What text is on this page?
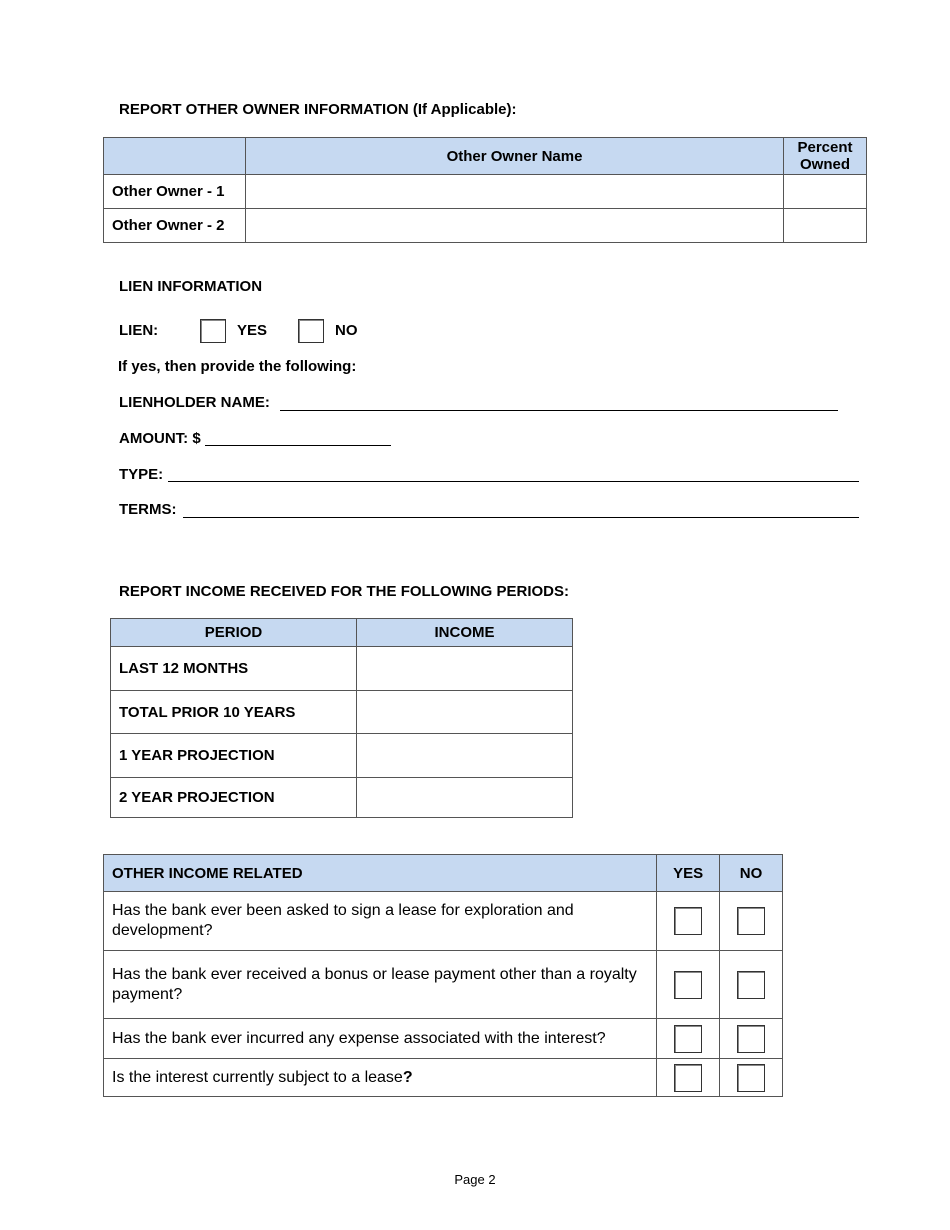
REPORT OTHER OWNER INFORMATION (If Applicable):
	Other Owner Name	Percent
Owned

Other Owner - 1		
Other Owner - 2		
LIEN INFORMATION
LIEN:	YES	NO
If yes, then provide the following:
LIENHOLDER NAME:
AMOUNT: $
TYPE:
TERMS:
REPORT INCOME RECEIVED FOR THE FOLLOWING PERIODS:
PERIOD	INCOME
LAST 12 MONTHS	
TOTAL PRIOR 10 YEARS	
1 YEAR PROJECTION	
2 YEAR PROJECTION	
OTHER INCOME RELATED	YES	NO
Has the bank ever been asked to sign a lease for exploration and development?		
Has the bank ever received a bonus or lease payment other than a royalty payment?		
Has the bank ever incurred any expense associated with the interest?		
Is the interest currently subject to a lease?		
Page 2
